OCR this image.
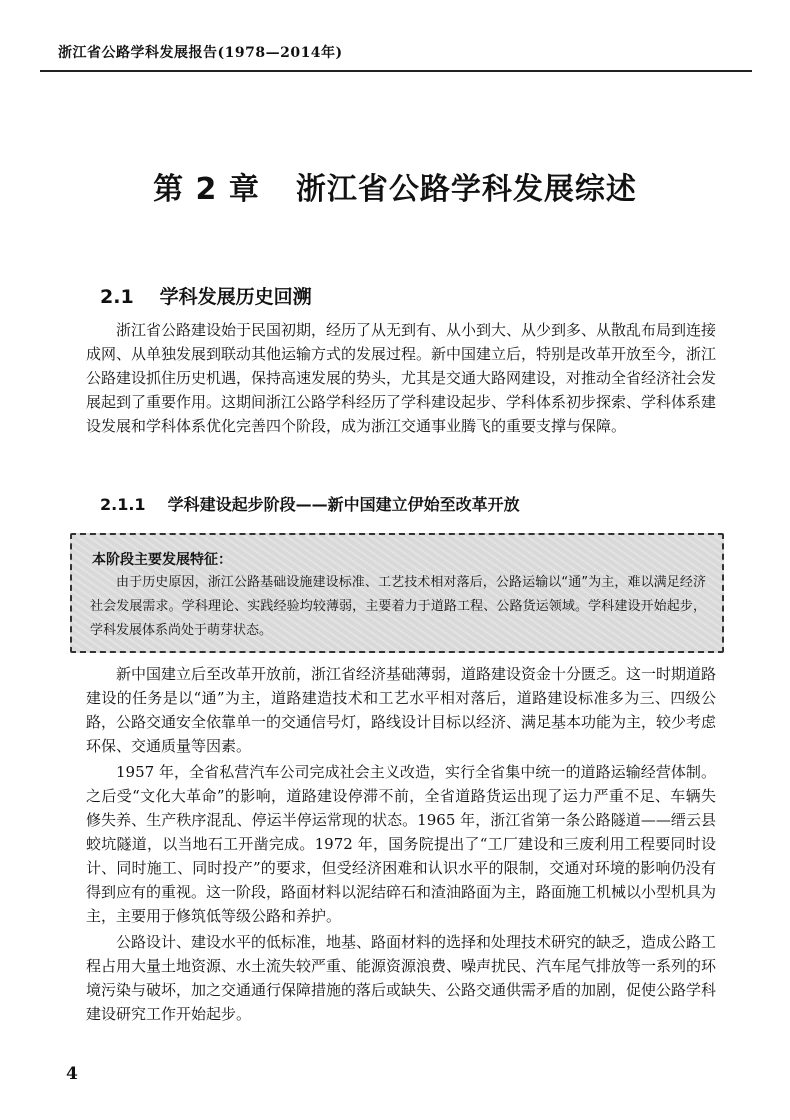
浙江省公路学科发展报告(1978—2014年)
第 2 章 浙江省公路学科发展综述
2.1 学科发展历史回溯

浙江省公路建设始于民国初期，经历了从无到有、从小到大、从少到多、从散乱布局到连接成网、从单独发展到联动其他运输方式的发展过程。新中国建立后，特别是改革开放至今，浙江公路建设抓住历史机遇，保持高速发展的势头，尤其是交通大路网建设，对推动全省经济社会发展起到了重要作用。这期间浙江公路学科经历了学科建设起步、学科体系初步探索、学科体系建设发展和学科体系优化完善四个阶段，成为浙江交通事业腾飞的重要支撑与保障。

2.1.1 学科建设起步阶段——新中国建立伊始至改革开放
本阶段主要发展特征：

由于历史原因，浙江公路基础设施建设标准、工艺技术相对落后，公路运输以“通”为主，难以满足经济社会发展需求。学科理论、实践经验均较薄弱，主要着力于道路工程、公路货运领域。学科建设开始起步，学科发展体系尚处于萌芽状态。

新中国建立后至改革开放前，浙江省经济基础薄弱，道路建设资金十分匮乏。这一时期道路建设的任务是以“通”为主，道路建造技术和工艺水平相对落后，道路建设标准多为三、四级公路，公路交通安全依靠单一的交通信号灯，路线设计目标以经济、满足基本功能为主，较少考虑环保、交通质量等因素。

1957 年，全省私营汽车公司完成社会主义改造，实行全省集中统一的道路运输经营体制。之后受“文化大革命”的影响，道路建设停滞不前，全省道路货运出现了运力严重不足、车辆失修失养、生产秩序混乱、停运半停运常现的状态。1965 年，浙江省第一条公路隧道——缙云县蛟坑隧道，以当地石工开凿完成。1972 年，国务院提出了“工厂建设和三废利用工程要同时设计、同时施工、同时投产”的要求，但受经济困难和认识水平的限制，交通对环境的影响仍没有得到应有的重视。这一阶段，路面材料以泥结碎石和渣油路面为主，路面施工机械以小型机具为主，主要用于修筑低等级公路和养护。

公路设计、建设水平的低标准，地基、路面材料的选择和处理技术研究的缺乏，造成公路工程占用大量土地资源、水土流失较严重、能源资源浪费、噪声扰民、汽车尾气排放等一系列的环境污染与破坏，加之交通通行保障措施的落后或缺失、公路交通供需矛盾的加剧，促使公路学科建设研究工作开始起步。

4
